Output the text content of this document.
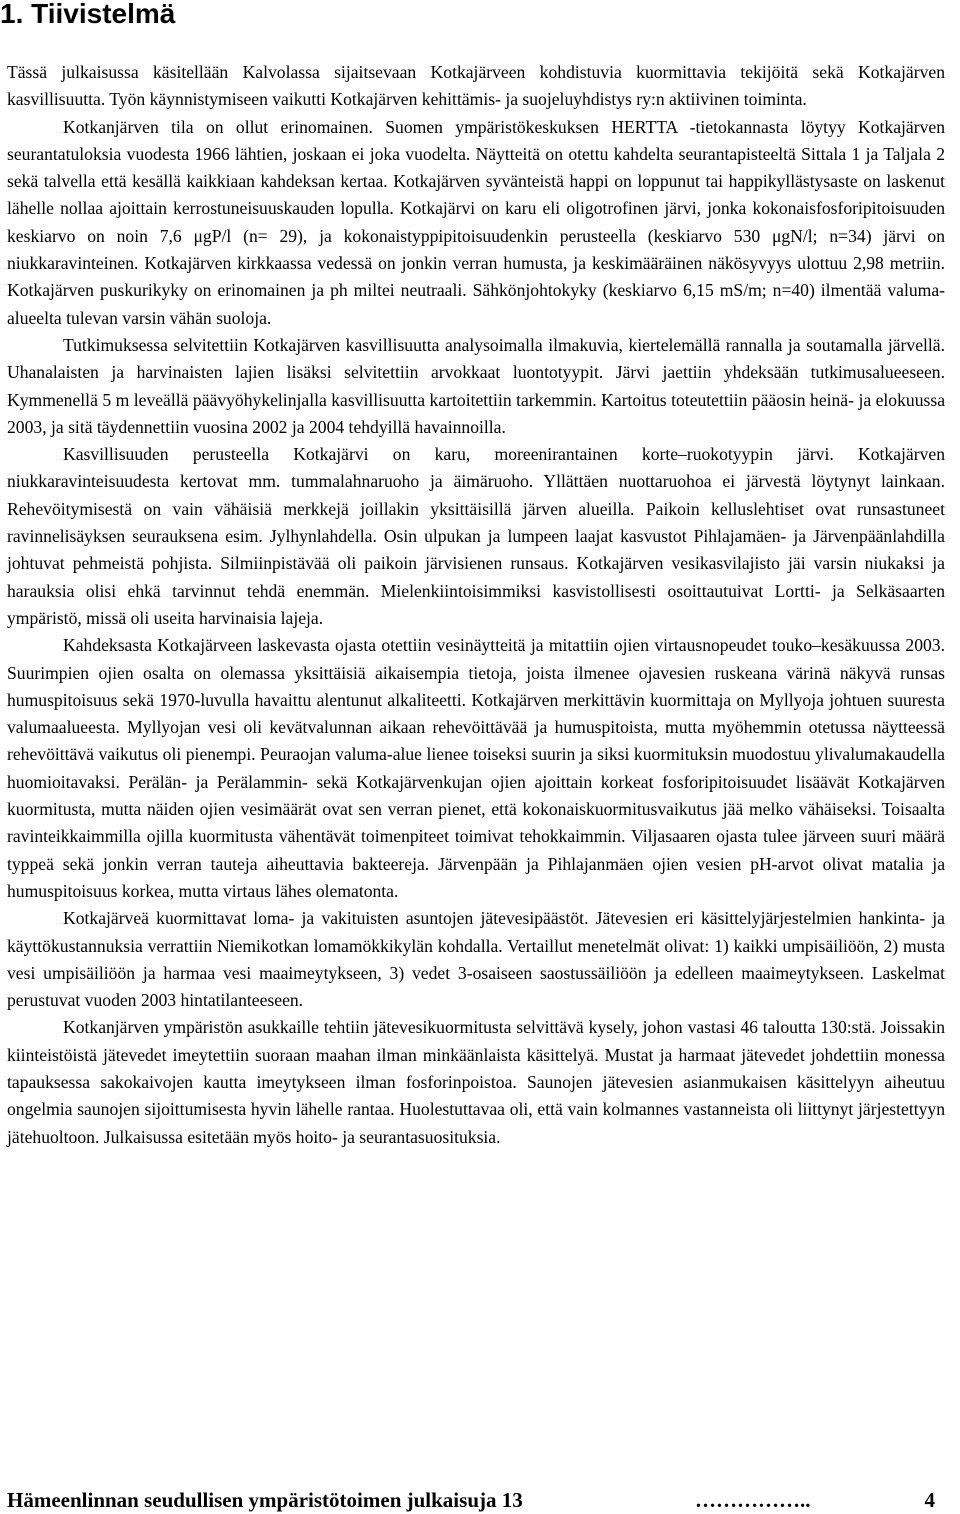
1. Tiivistelmä

Tässä julkaisussa käsitellään Kalvolassa sijaitsevaan Kotkajärveen kohdistuvia kuormittavia tekijöitä sekä Kotkajärven kasvillisuutta. Työn käynnistymiseen vaikutti Kotkajärven kehittämis- ja suojeluyhdistys ry:n aktiivinen toiminta.

Kotkanjärven tila on ollut erinomainen. Suomen ympäristökeskuksen HERTTA -tietokannasta löytyy Kotkajärven seurantatuloksia vuodesta 1966 lähtien, joskaan ei joka vuodelta. Näytteitä on otettu kahdelta seurantapisteeltä Sittala 1 ja Taljala 2 sekä talvella että kesällä kaikkiaan kahdeksan kertaa. Kotkajärven syvänteistä happi on loppunut tai happikyllästysaste on laskenut lähelle nollaa ajoittain kerrostuneisuuskauden lopulla. Kotkajärvi on karu eli oligotrofinen järvi, jonka kokonaisfosforipitoisuuden keskiarvo on noin 7,6 μgP/l (n= 29), ja kokonaistyppipitoisuudenkin perusteella (keskiarvo 530 μgN/l; n=34) järvi on niukkaravinteinen. Kotkajärven kirkkaassa vedessä on jonkin verran humusta, ja keskimääräinen näkösyvyys ulottuu 2,98 metriin. Kotkajärven puskurikyky on erinomainen ja ph miltei neutraali. Sähkönjohtokyky (keskiarvo 6,15 mS/m; n=40) ilmentää valuma-alueelta tulevan varsin vähän suoloja.

Tutkimuksessa selvitettiin Kotkajärven kasvillisuutta analysoimalla ilmakuvia, kiertelemällä rannalla ja soutamalla järvellä. Uhanalaisten ja harvinaisten lajien lisäksi selvitettiin arvokkaat luontotyypit. Järvi jaettiin yhdeksään tutkimusalueeseen. Kymmenellä 5 m leveällä päävyöhykelinjalla kasvillisuutta kartoitettiin tarkemmin. Kartoitus toteutettiin pääosin heinä- ja elokuussa 2003, ja sitä täydennettiin vuosina 2002 ja 2004 tehdyillä havainnoilla.

Kasvillisuuden perusteella Kotkajärvi on karu, moreenirantainen korte–ruokotyypin järvi. Kotkajärven niukkaravinteisuudesta kertovat mm. tummalahnaruoho ja äimäruoho. Yllättäen nuottaruohoa ei järvestä löytynyt lainkaan. Rehevöitymisestä on vain vähäisiä merkkejä joillakin yksittäisillä järven alueilla. Paikoin kelluslehtiset ovat runsastuneet ravinnelisäyksen seurauksena esim. Jylhynlahdella. Osin ulpukan ja lumpeen laajat kasvustot Pihlajamäen- ja Järvenpäänlahdilla johtuvat pehmeistä pohjista. Silmiinpistävää oli paikoin järvisienen runsaus. Kotkajärven vesikasvilajisto jäi varsin niukaksi ja harauksia olisi ehkä tarvinnut tehdä enemmän. Mielenkiintoisimmiksi kasvistollisesti osoittautuivat Lortti- ja Selkäsaarten ympäristö, missä oli useita harvinaisia lajeja.

Kahdeksasta Kotkajärveen laskevasta ojasta otettiin vesinäytteitä ja mitattiin ojien virtausnopeudet touko–kesäkuussa 2003. Suurimpien ojien osalta on olemassa yksittäisiä aikaisempia tietoja, joista ilmenee ojavesien ruskeana värinä näkyvä runsas humuspitoisuus sekä 1970-luvulla havaittu alentunut alkaliteetti. Kotkajärven merkittävin kuormittaja on Myllyoja johtuen suuresta valumaalueesta. Myllyojan vesi oli kevätvalunnan aikaan rehevöittävää ja humuspitoista, mutta myöhemmin otetussa näytteessä rehevöittävä vaikutus oli pienempi. Peuraojan valuma-alue lienee toiseksi suurin ja siksi kuormituksin muodostuu ylivalumakaudella huomioitavaksi. Perälän- ja Perälammin- sekä Kotkajärvenkujan ojien ajoittain korkeat fosforipitoisuudet lisäävät Kotkajärven kuormitusta, mutta näiden ojien vesimäärät ovat sen verran pienet, että kokonaiskuormitusvaikutus jää melko vähäiseksi. Toisaalta ravinteikkaimmilla ojilla kuormitusta vähentävät toimenpiteet toimivat tehokkaimmin. Viljasaaren ojasta tulee järveen suuri määrä typpeä sekä jonkin verran tauteja aiheuttavia bakteereja. Järvenpään ja Pihlajanmäen ojien vesien pH-arvot olivat matalia ja humuspitoisuus korkea, mutta virtaus lähes olematonta.

Kotkajärveä kuormittavat loma- ja vakituisten asuntojen jätevesipäästöt. Jätevesien eri käsittelyjärjestelmien hankinta- ja käyttökustannuksia verrattiin Niemikotkan lomamökkikylän kohdalla. Vertaillut menetelmät olivat: 1) kaikki umpisäiliöön, 2) musta vesi umpisäiliöön ja harmaa vesi maaimeytykseen, 3) vedet 3-osaiseen saostussäiliöön ja edelleen maaimeytykseen. Laskelmat perustuvat vuoden 2003 hintatilanteeseen.

Kotkanjärven ympäristön asukkaille tehtiin jätevesikuormitusta selvittävä kysely, johon vastasi 46 taloutta 130:stä. Joissakin kiinteistöistä jätevedet imeytettiin suoraan maahan ilman minkäänlaista käsittelyä. Mustat ja harmaat jätevedet johdettiin monessa tapauksessa sakokaivojen kautta imeytykseen ilman fosforinpoistoa. Saunojen jätevesien asianmukaisen käsittelyyn aiheutuu ongelmia saunojen sijoittumisesta hyvin lähelle rantaa. Huolestuttavaa oli, että vain kolmannes vastanneista oli liittynyt järjestettyyn jätehuoltoon. Julkaisussa esitetään myös hoito- ja seurantasuosituksia.

Hämeenlinnan seudullisen ympäristötoimen julkaisuja 13	……………..	4
